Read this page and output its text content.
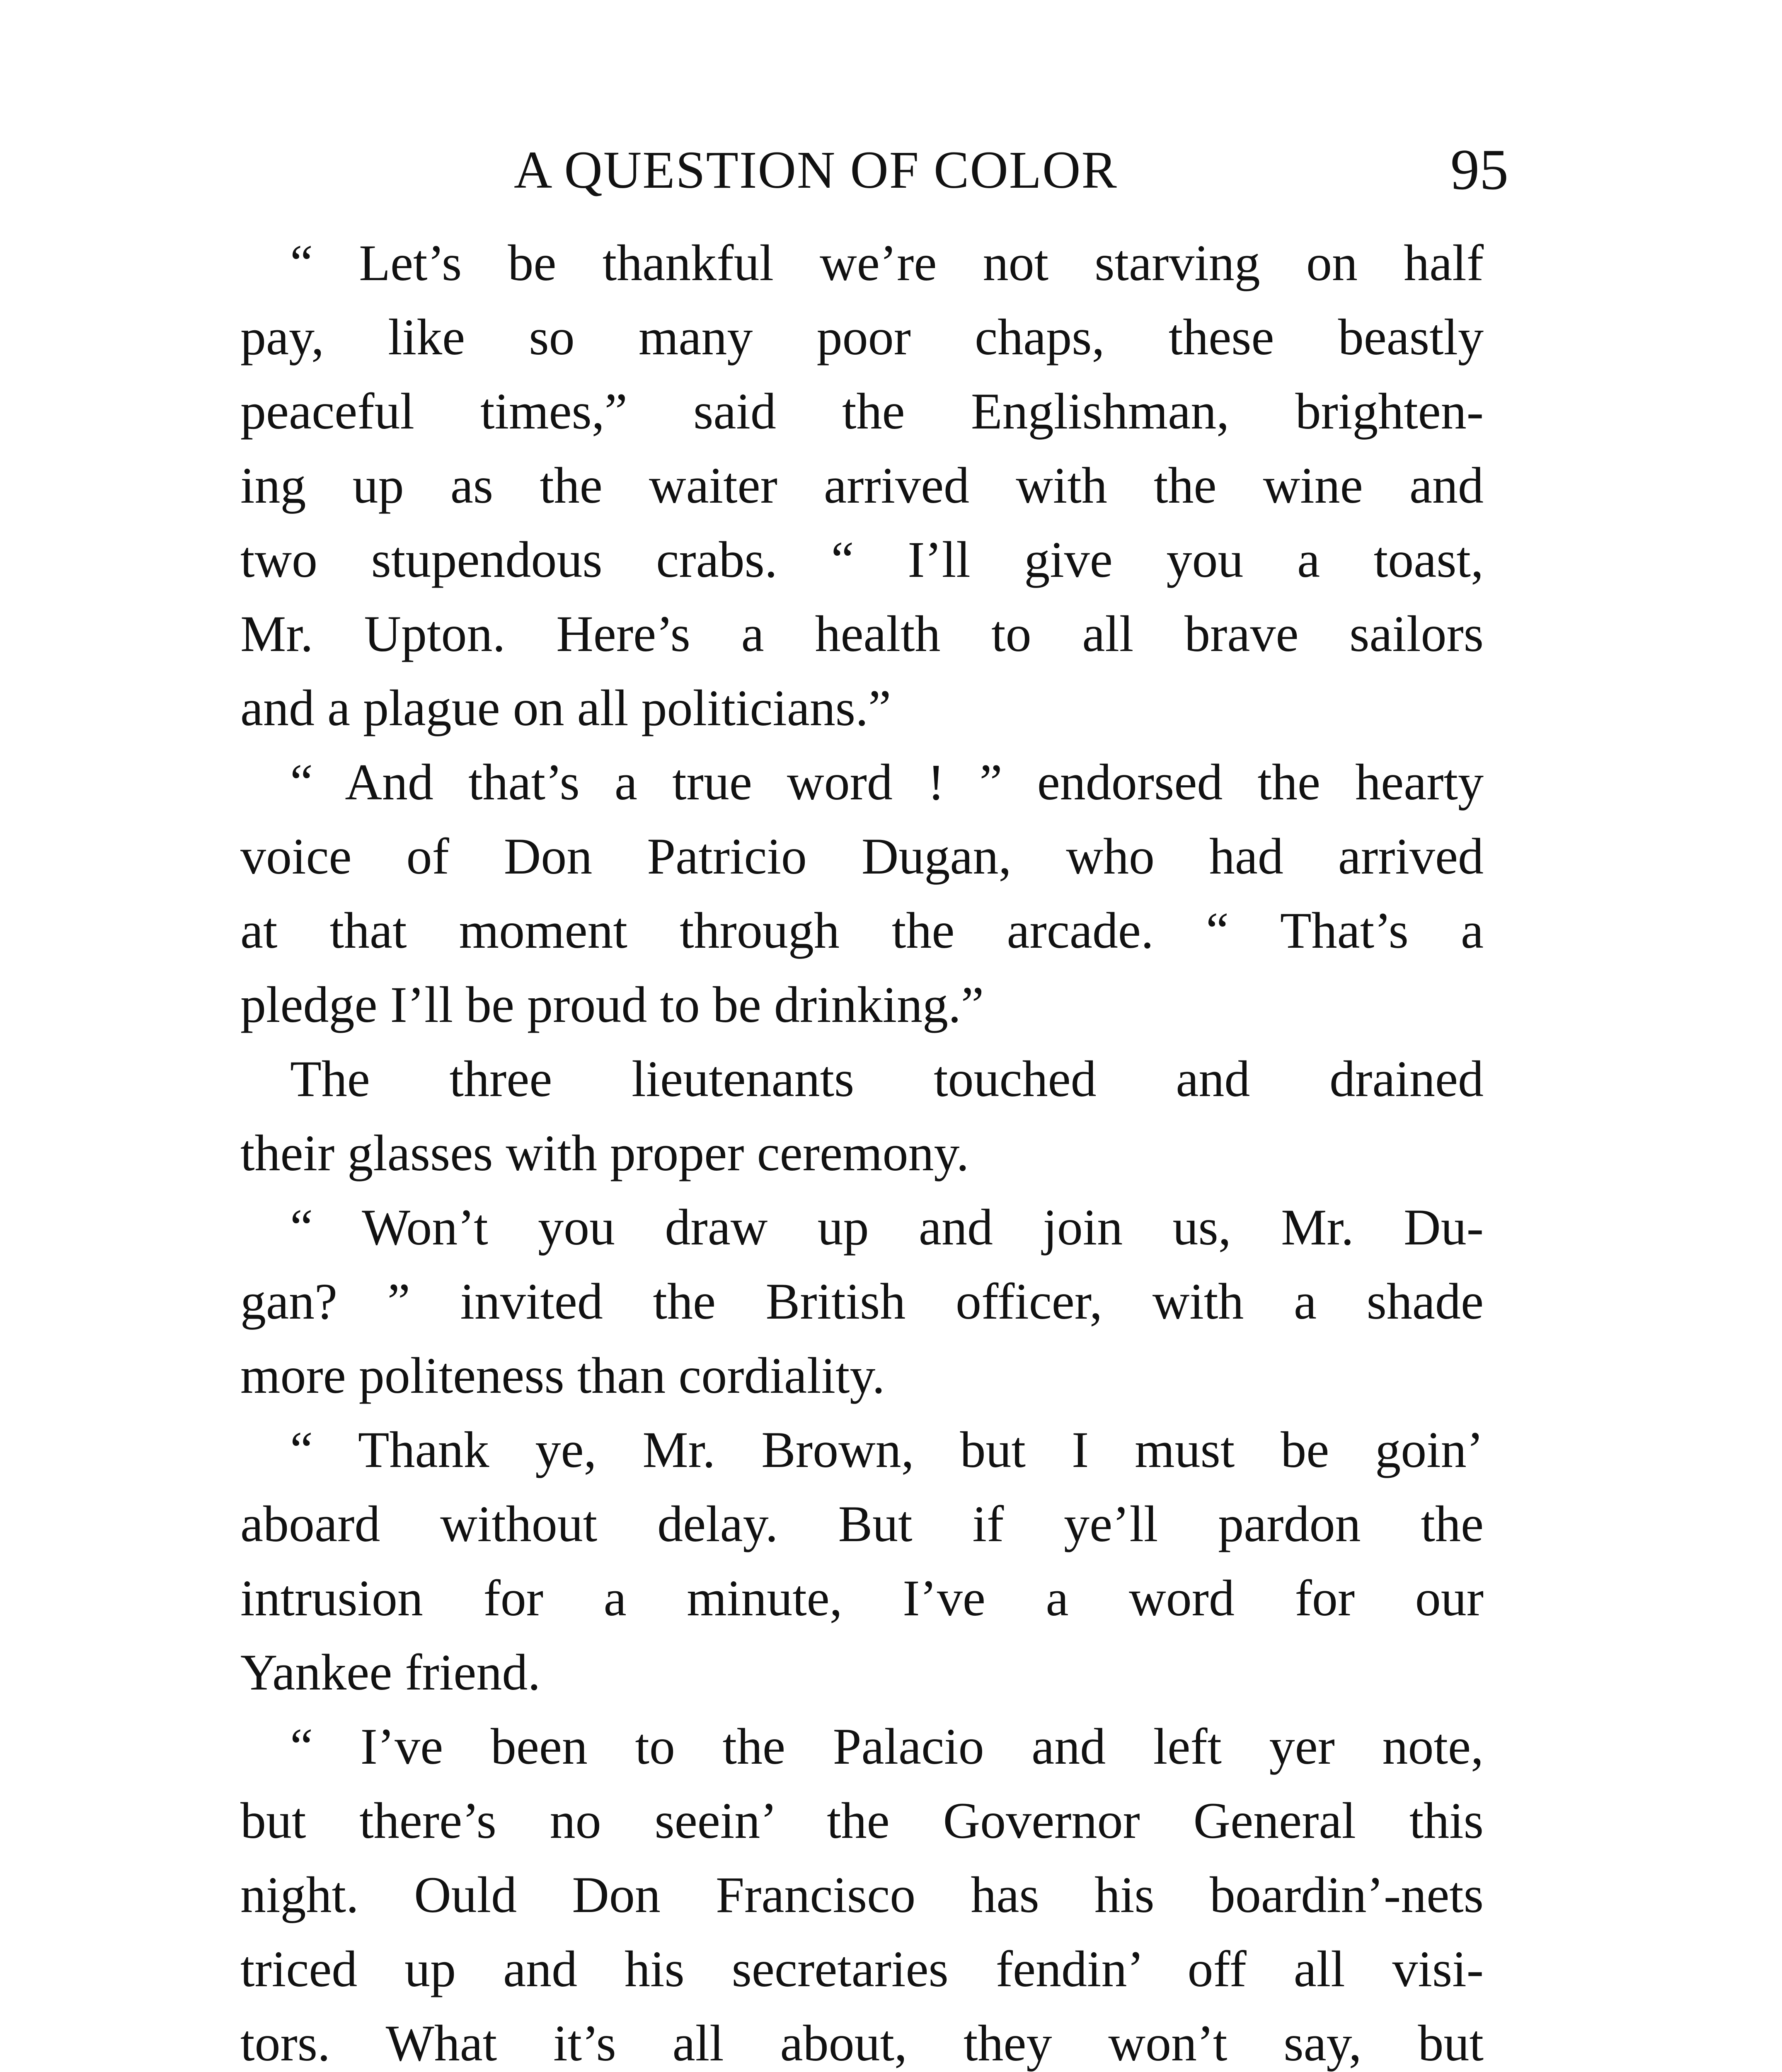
A QUESTION OF COLOR	95
“ Let’s be thankful we’re not starving on half
pay, like so many poor chaps, these beastly
peaceful times,” said the Englishman, brighten-
ing up as the waiter arrived with the wine and
two stupendous crabs. “ I’ll give you a toast,
Mr. Upton. Here’s a health to all brave sailors
and a plague on all politicians.”
“ And that’s a true word ! ” endorsed the hearty
voice of Don Patricio Dugan, who had arrived
at that moment through the arcade. “ That’s a
pledge I’ll be proud to be drinking.”
The three lieutenants touched and drained
their glasses with proper ceremony.
“ Won’t you draw up and join us, Mr. Du-
gan? ” invited the British officer, with a shade
more politeness than cordiality.
“ Thank ye, Mr. Brown, but I must be goin’
aboard without delay. But if ye’ll pardon the
intrusion for a minute, I’ve a word for our
Yankee friend.
“ I’ve been to the Palacio and left yer note,
but there’s no seein’ the Governor General this
night. Ould Don Francisco has his boardin’-nets
triced up and his secretaries fendin’ off all visi-
tors. What it’s all about, they won’t say, but
